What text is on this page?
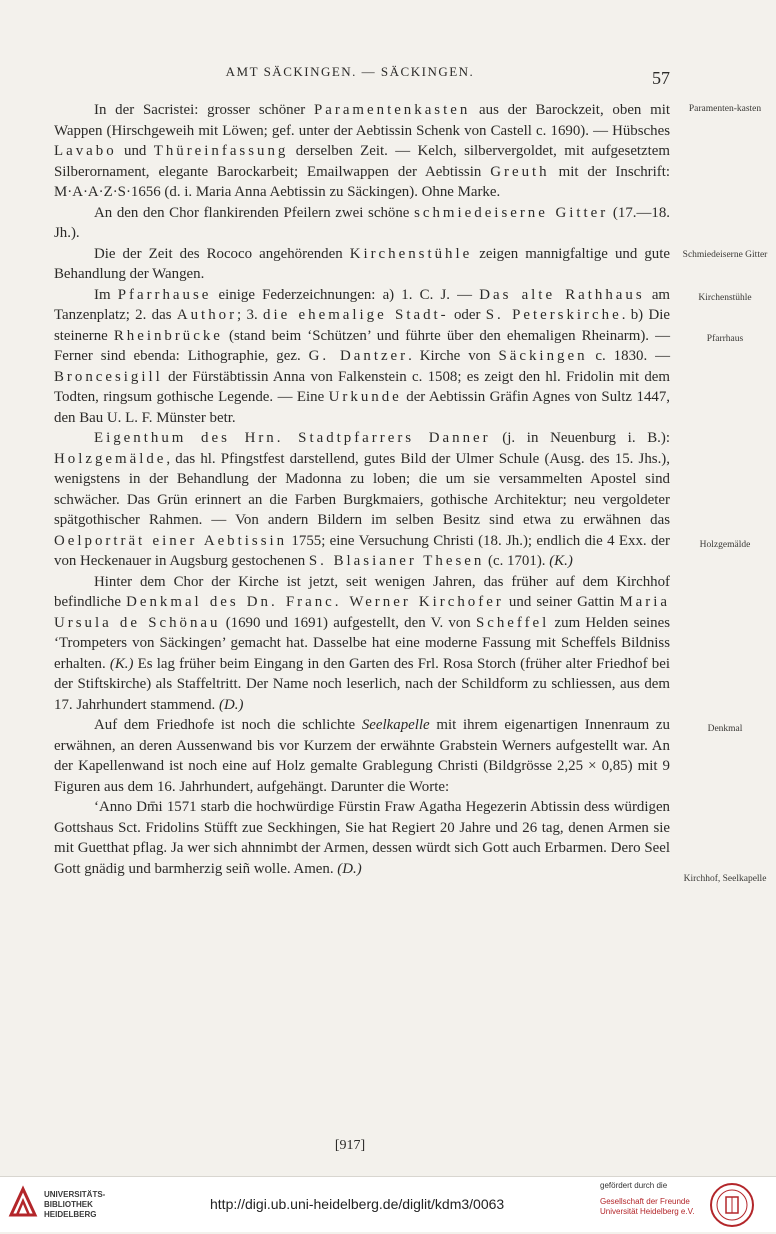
AMT SÄCKINGEN. — SÄCKINGEN.	57
Paramenten-kasten
Schmiedeiserne Gitter
Kirchenstühle
Pfarrhaus
Holzgemälde
Denkmal
Kirchhof, Seelkapelle

In der Sacristei: grosser schöner Paramentenkasten aus der Barockzeit, oben mit Wappen (Hirschgeweih mit Löwen; gef. unter der Aebtissin Schenk von Castell c. 1690). — Hübsches Lavabo und Thüreinfassung derselben Zeit. — Kelch, silbervergoldet, mit aufgesetztem Silberornament, elegante Barockarbeit; Emailwappen der Aebtissin Greuth mit der Inschrift: M·A·A·Z·S·1656 (d. i. Maria Anna Aebtissin zu Säckingen). Ohne Marke.

An den den Chor flankirenden Pfeilern zwei schöne schmiedeiserne Gitter (17.—18. Jh.).

Die der Zeit des Rococo angehörenden Kirchenstühle zeigen mannigfaltige und gute Behandlung der Wangen.

Im Pfarrhause einige Federzeichnungen: a) 1. C. J. — Das alte Rathhaus am Tanzenplatz; 2. das Author; 3. die ehemalige Stadt- oder S. Peterskirche. b) Die steinerne Rheinbrücke (stand beim ‘Schützen’ und führte über den ehemaligen Rheinarm). — Ferner sind ebenda: Lithographie, gez. G. Dantzer. Kirche von Säckingen c. 1830. — Broncesigill der Fürstäbtissin Anna von Falkenstein c. 1508; es zeigt den hl. Fridolin mit dem Todten, ringsum gothische Legende. — Eine Urkunde der Aebtissin Gräfin Agnes von Sultz 1447, den Bau U. L. F. Münster betr.

Eigenthum des Hrn. Stadtpfarrers Danner (j. in Neuenburg i. B.): Holzgemälde, das hl. Pfingstfest darstellend, gutes Bild der Ulmer Schule (Ausg. des 15. Jhs.), wenigstens in der Behandlung der Madonna zu loben; die um sie versammelten Apostel sind schwächer. Das Grün erinnert an die Farben Burgkmaiers, gothische Architektur; neu vergoldeter spätgothischer Rahmen. — Von andern Bildern im selben Besitz sind etwa zu erwähnen das Oelporträt einer Aebtissin 1755; eine Versuchung Christi (18. Jh.); endlich die 4 Exx. der von Heckenauer in Augsburg gestochenen S. Blasianer Thesen (c. 1701). (K.)

Hinter dem Chor der Kirche ist jetzt, seit wenigen Jahren, das früher auf dem Kirchhof befindliche Denkmal des Dn. Franc. Werner Kirchofer und seiner Gattin Maria Ursula de Schönau (1690 und 1691) aufgestellt, den V. von Scheffel zum Helden seines ‘Trompeters von Säckingen’ gemacht hat. Dasselbe hat eine moderne Fassung mit Scheffels Bildniss erhalten. (K.) Es lag früher beim Eingang in den Garten des Frl. Rosa Storch (früher alter Friedhof bei der Stiftskirche) als Staffeltritt. Der Name noch leserlich, nach der Schildform zu schliessen, aus dem 17. Jahrhundert stammend. (D.)

Auf dem Friedhofe ist noch die schlichte Seelkapelle mit ihrem eigenartigen Innenraum zu erwähnen, an deren Aussenwand bis vor Kurzem der erwähnte Grabstein Werners aufgestellt war. An der Kapellenwand ist noch eine auf Holz gemalte Grablegung Christi (Bildgrösse 2,25 × 0,85) mit 9 Figuren aus dem 16. Jahrhundert, aufgehängt. Darunter die Worte:

‘Anno Dm̄i 1571 starb die hochwürdige Fürstin Fraw Agatha Hegezerin Abtissin dess würdigen Gottshaus Sct. Fridolins Stüfft zue Seckhingen, Sie hat Regiert 20 Jahre und 26 tag, denen Armen sie mit Guetthat pflag. Ja wer sich ahnnimbt der Armen, dessen würdt sich Gott auch Erbarmen. Dero Seel Gott gnädig und barmherzig seiñ wolle. Amen. (D.)

[917]
UNIVERSITÄTS-
BIBLIOTHEK
HEIDELBERG
http://digi.ub.uni-heidelberg.de/diglit/kdm3/0063
gefördert durch die
Gesellschaft der Freunde
Universität Heidelberg e.V.
